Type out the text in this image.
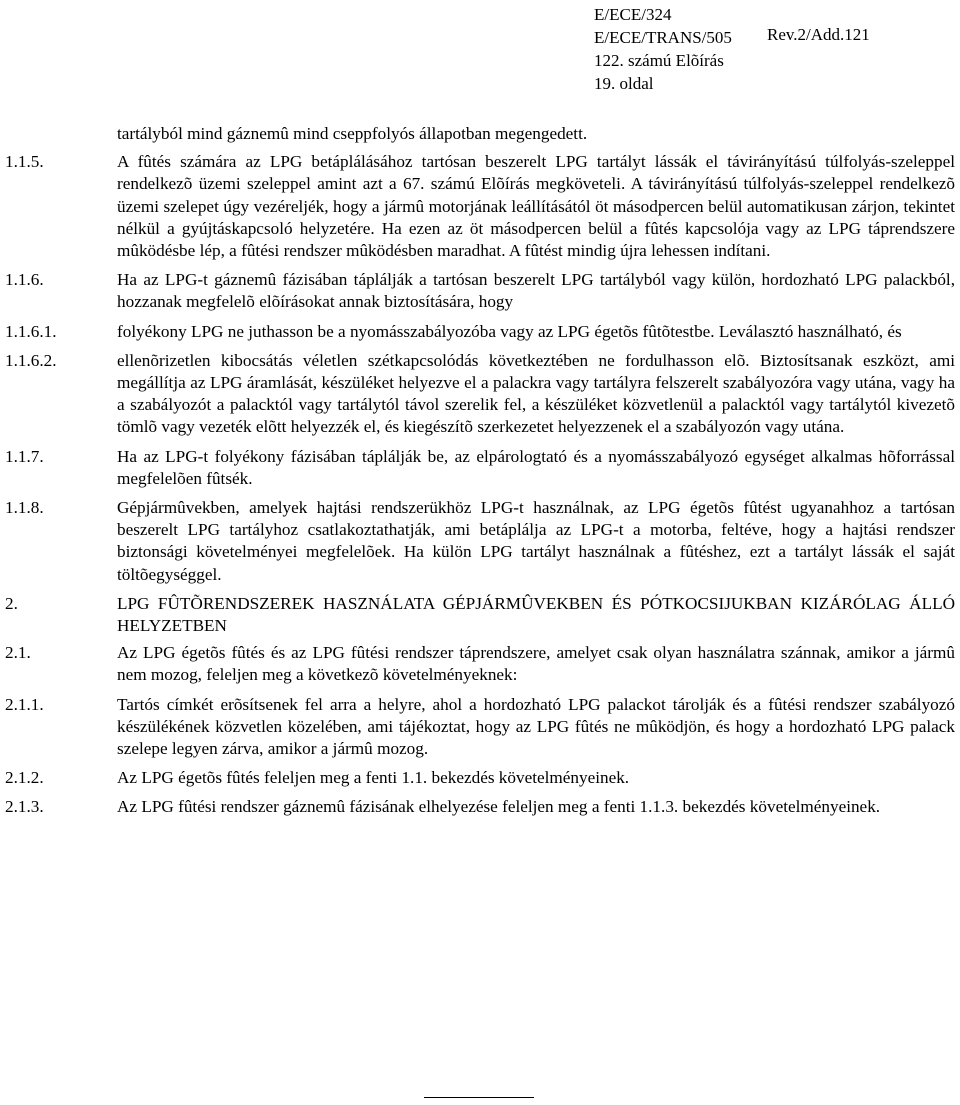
E/ECE/324
E/ECE/TRANS/505
122. számú Elõírás
19. oldal
Rev.2/Add.121
tartályból mind gáznemû mind cseppfolyós állapotban megengedett.
1.1.5.	A fûtés számára az LPG betáplálásához tartósan beszerelt LPG tartályt lássák el távirányítású túlfolyás-szeleppel rendelkezõ üzemi szeleppel amint azt a 67. számú Elõírás megköveteli. A távirányítású túlfolyás-szeleppel rendelkezõ üzemi szelepet úgy vezéreljék, hogy a jármû motorjának leállításától öt másodpercen belül automatikusan zárjon, tekintet nélkül a gyújtáskapcsoló helyzetére. Ha ezen az öt másodpercen belül a fûtés kapcsolója vagy az LPG táprendszere mûködésbe lép, a fûtési rendszer mûködésben maradhat. A fûtést mindig újra lehessen indítani.
1.1.6.	Ha az LPG-t gáznemû fázisában táplálják a tartósan beszerelt LPG tartályból vagy külön, hordozható LPG palackból, hozzanak megfelelõ elõírásokat annak biztosítására, hogy
1.1.6.1.	folyékony LPG ne juthasson be a nyomásszabályozóba vagy az LPG égetõs fûtõtestbe. Leválasztó használható, és
1.1.6.2.	ellenõrizetlen kibocsátás véletlen szétkapcsolódás következtében ne fordulhasson elõ. Biztosítsanak eszközt, ami megállítja az LPG áramlását, készüléket helyezve el a palackra vagy tartályra felszerelt szabályozóra vagy utána, vagy ha a szabályozót a palacktól vagy tartálytól távol szerelik fel, a készüléket közvetlenül a palacktól vagy tartálytól kivezetõ tömlõ vagy vezeték elõtt helyezzék el, és kiegészítõ szerkezetet helyezzenek el a szabályozón vagy utána.
1.1.7.	Ha az LPG-t folyékony fázisában táplálják be, az elpárologtató és a nyomásszabályozó egységet alkalmas hõforrással megfelelõen fûtsék.
1.1.8.	Gépjármûvekben, amelyek hajtási rendszerükhöz LPG-t használnak, az LPG égetõs fûtést ugyanahhoz a tartósan beszerelt LPG tartályhoz csatlakoztathatják, ami betáplálja az LPG-t a motorba, feltéve, hogy a hajtási rendszer biztonsági követelményei megfelelõek. Ha külön LPG tartályt használnak a fûtéshez, ezt a tartályt lássák el saját töltõegységgel.
2.	LPG FÛTÕRENDSZEREK HASZNÁLATA GÉPJÁRMÛVEKBEN ÉS PÓTKOCSIJUKBAN KIZÁRÓLAG ÁLLÓ HELYZETBEN
2.1.	Az LPG égetõs fûtés és az LPG fûtési rendszer táprendszere, amelyet csak olyan használatra szánnak, amikor a jármû nem mozog, feleljen meg a következõ követelményeknek:
2.1.1.	Tartós címkét erõsítsenek fel arra a helyre, ahol a hordozható LPG palackot tárolják és a fûtési rendszer szabályozó készülékének közvetlen közelében, ami tájékoztat, hogy az LPG fûtés ne mûködjön, és hogy a hordozható LPG palack szelepe legyen zárva, amikor a jármû mozog.
2.1.2.	Az LPG égetõs fûtés feleljen meg a fenti 1.1. bekezdés követelményeinek.
2.1.3.	Az LPG fûtési rendszer gáznemû fázisának elhelyezése feleljen meg a fenti 1.1.3. bekezdés követelményeinek.
